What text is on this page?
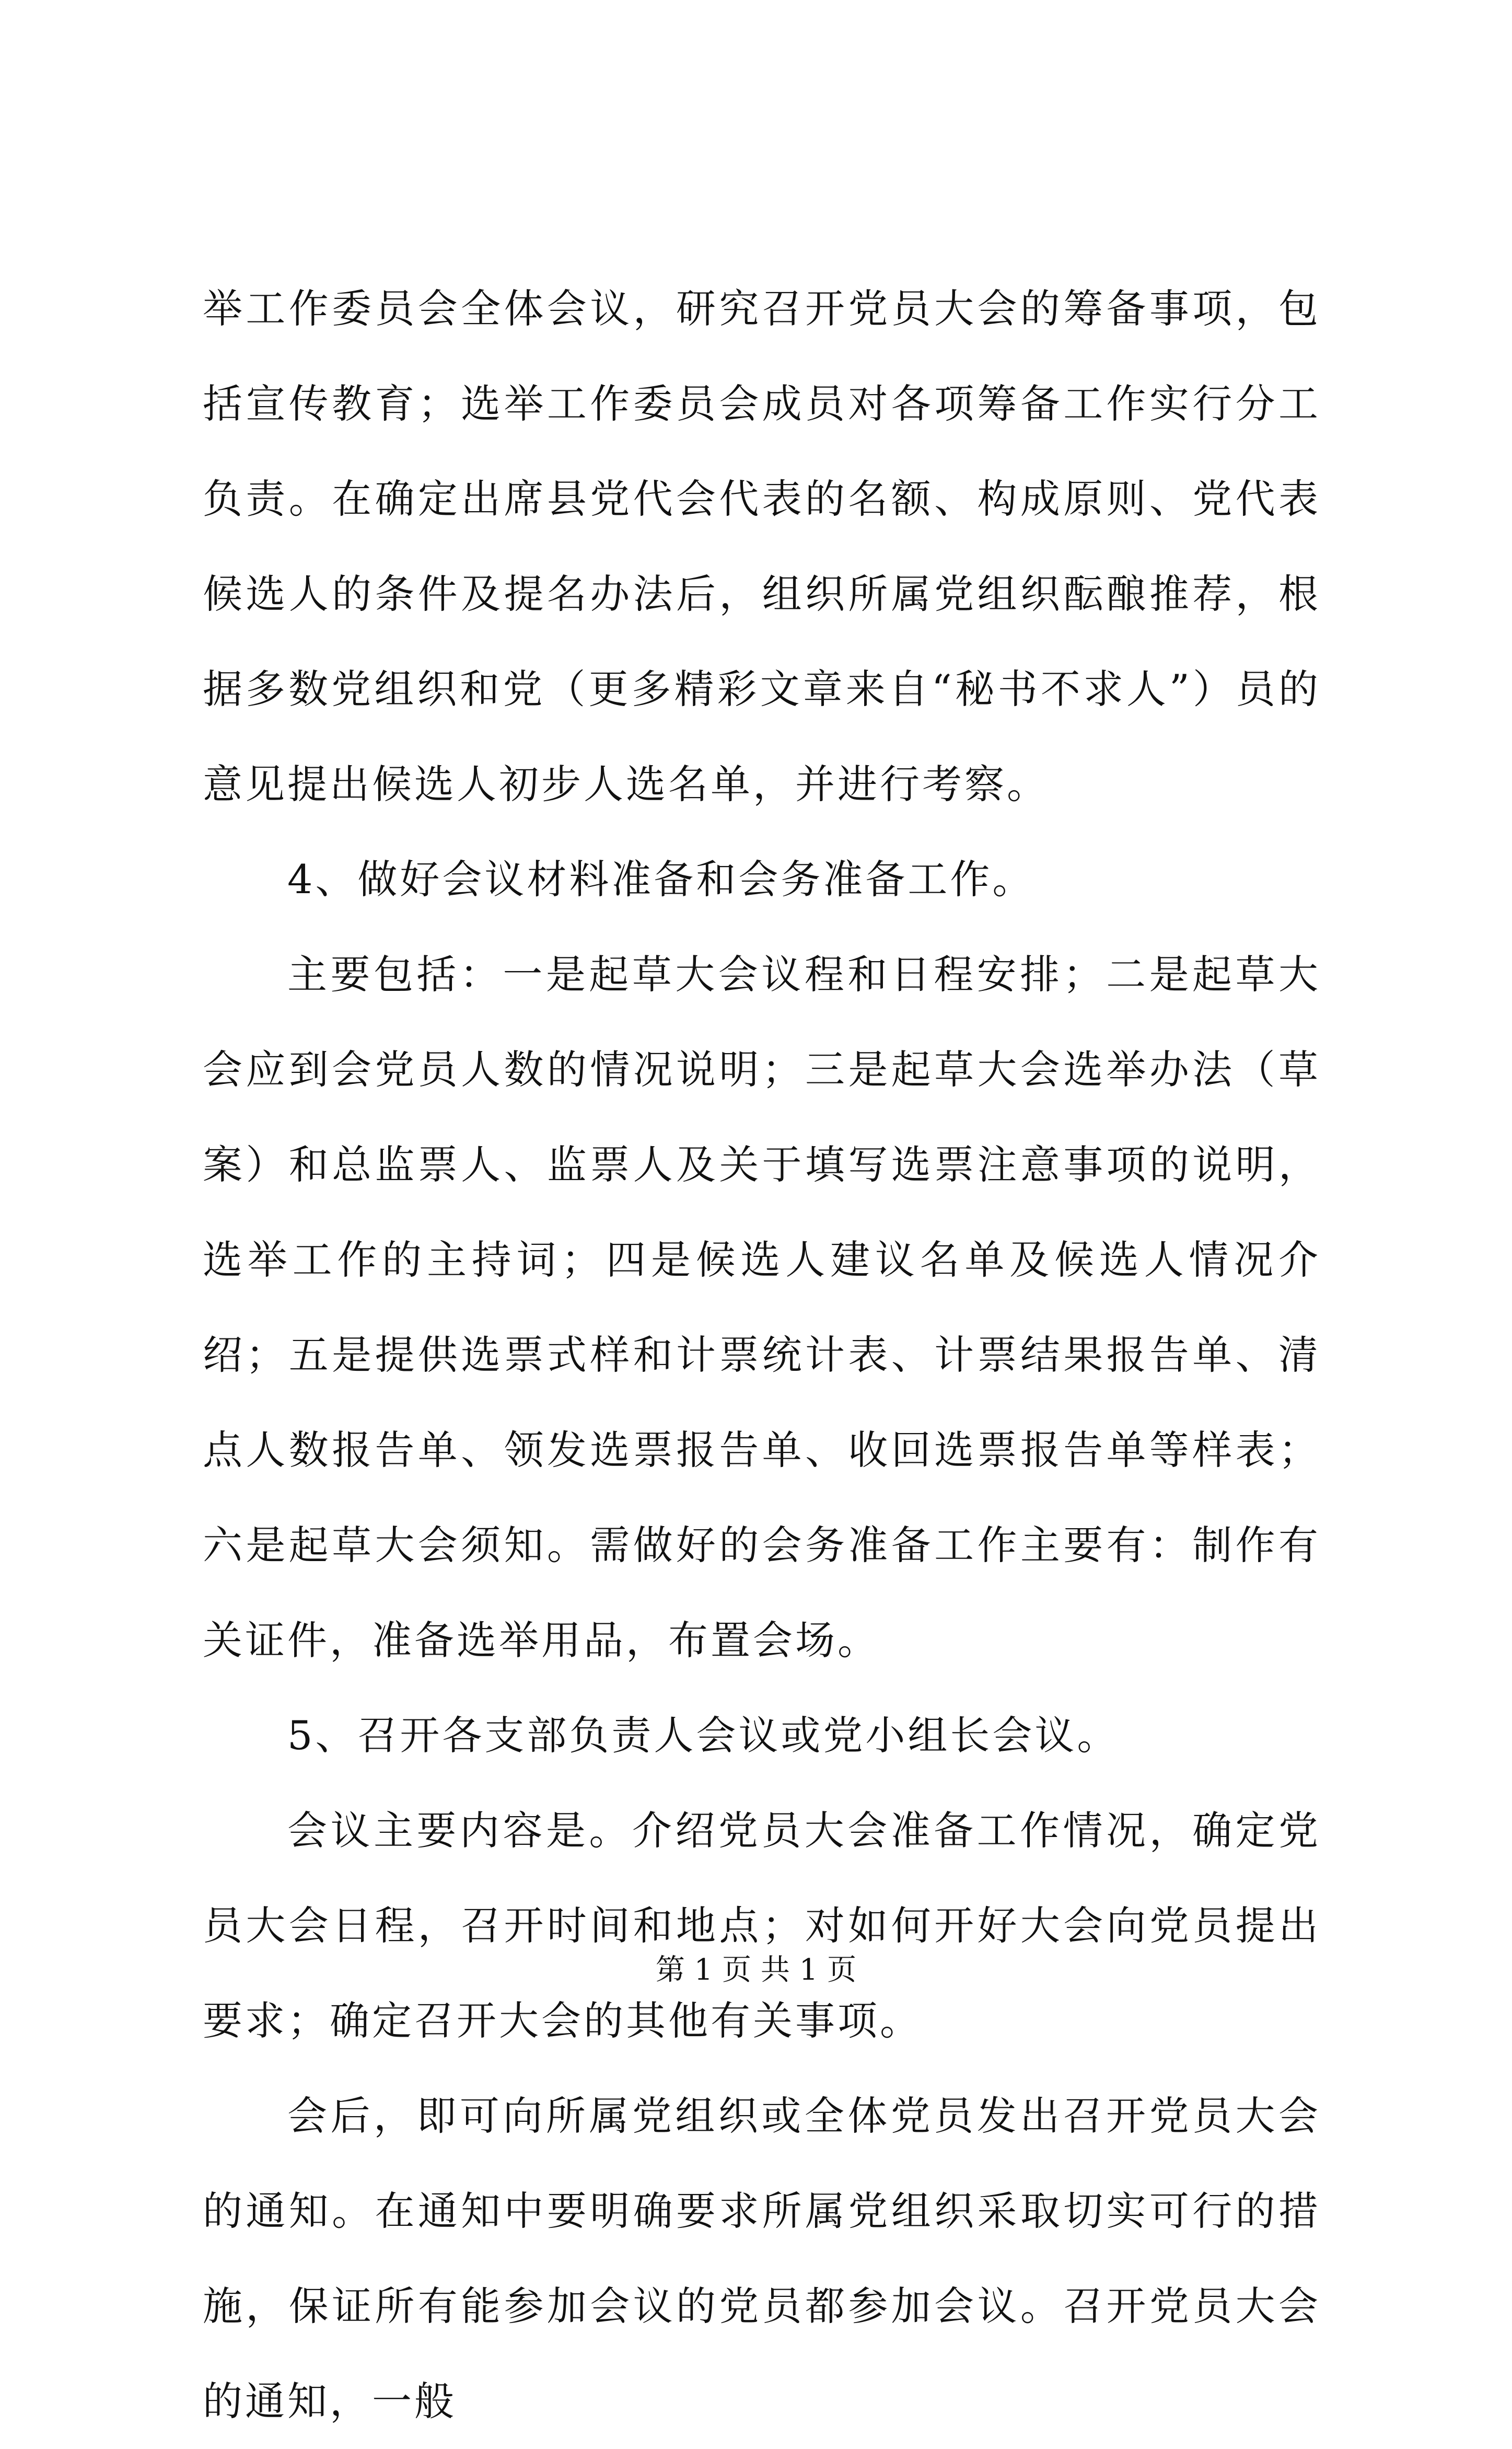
举工作委员会全体会议，研究召开党员大会的筹备事项，包括宣传教育；选举工作委员会成员对各项筹备工作实行分工负责。在确定出席县党代会代表的名额、构成原则、党代表候选人的条件及提名办法后，组织所属党组织酝酿推荐，根据多数党组织和党（更多精彩文章来自“秘书不求人”）员的意见提出候选人初步人选名单，并进行考察。

4、做好会议材料准备和会务准备工作。

主要包括：一是起草大会议程和日程安排；二是起草大会应到会党员人数的情况说明；三是起草大会选举办法（草案）和总监票人、监票人及关于填写选票注意事项的说明，选举工作的主持词；四是候选人建议名单及候选人情况介绍；五是提供选票式样和计票统计表、计票结果报告单、清点人数报告单、领发选票报告单、收回选票报告单等样表；六是起草大会须知。需做好的会务准备工作主要有：制作有关证件，准备选举用品，布置会场。

5、召开各支部负责人会议或党小组长会议。

会议主要内容是。介绍党员大会准备工作情况，确定党员大会日程，召开时间和地点；对如何开好大会向党员提出要求；确定召开大会的其他有关事项。

会后，即可向所属党组织或全体党员发出召开党员大会的通知。在通知中要明确要求所属党组织采取切实可行的措施，保证所有能参加会议的党员都参加会议。召开党员大会的通知，一般

第 1 页 共 1 页
